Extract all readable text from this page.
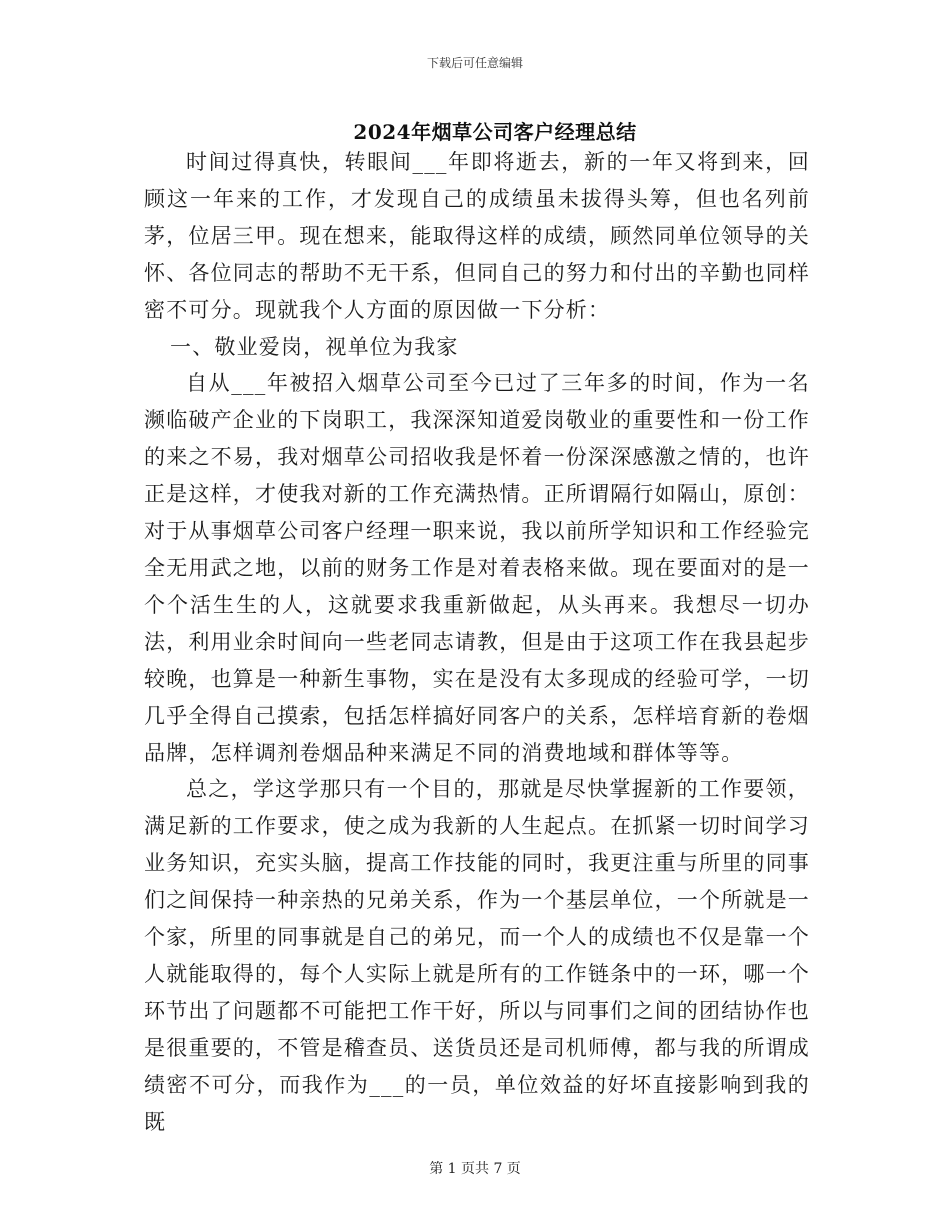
下载后可任意编辑
2024年烟草公司客户经理总结

时间过得真快，转眼间___年即将逝去，新的一年又将到来，回顾这一年来的工作，才发现自己的成绩虽未拔得头筹，但也名列前茅，位居三甲。现在想来，能取得这样的成绩，顾然同单位领导的关怀、各位同志的帮助不无干系，但同自己的努力和付出的辛勤也同样密不可分。现就我个人方面的原因做一下分析：

一、敬业爱岗，视单位为我家

自从___年被招入烟草公司至今已过了三年多的时间，作为一名濒临破产企业的下岗职工，我深深知道爱岗敬业的重要性和一份工作的来之不易，我对烟草公司招收我是怀着一份深深感激之情的，也许正是这样，才使我对新的工作充满热情。正所谓隔行如隔山，原创：对于从事烟草公司客户经理一职来说，我以前所学知识和工作经验完全无用武之地，以前的财务工作是对着表格来做。现在要面对的是一个个活生生的人，这就要求我重新做起，从头再来。我想尽一切办法，利用业余时间向一些老同志请教，但是由于这项工作在我县起步较晚，也算是一种新生事物，实在是没有太多现成的经验可学，一切几乎全得自己摸索，包括怎样搞好同客户的关系，怎样培育新的卷烟品牌，怎样调剂卷烟品种来满足不同的消费地域和群体等等。

总之，学这学那只有一个目的，那就是尽快掌握新的工作要领，满足新的工作要求，使之成为我新的人生起点。在抓紧一切时间学习业务知识，充实头脑，提高工作技能的同时，我更注重与所里的同事们之间保持一种亲热的兄弟关系，作为一个基层单位，一个所就是一个家，所里的同事就是自己的弟兄，而一个人的成绩也不仅是靠一个人就能取得的，每个人实际上就是所有的工作链条中的一环，哪一个环节出了问题都不可能把工作干好，所以与同事们之间的团结协作也是很重要的，不管是稽查员、送货员还是司机师傅，都与我的所谓成绩密不可分，而我作为___的一员，单位效益的好坏直接影响到我的既

第 1 页共 7 页
